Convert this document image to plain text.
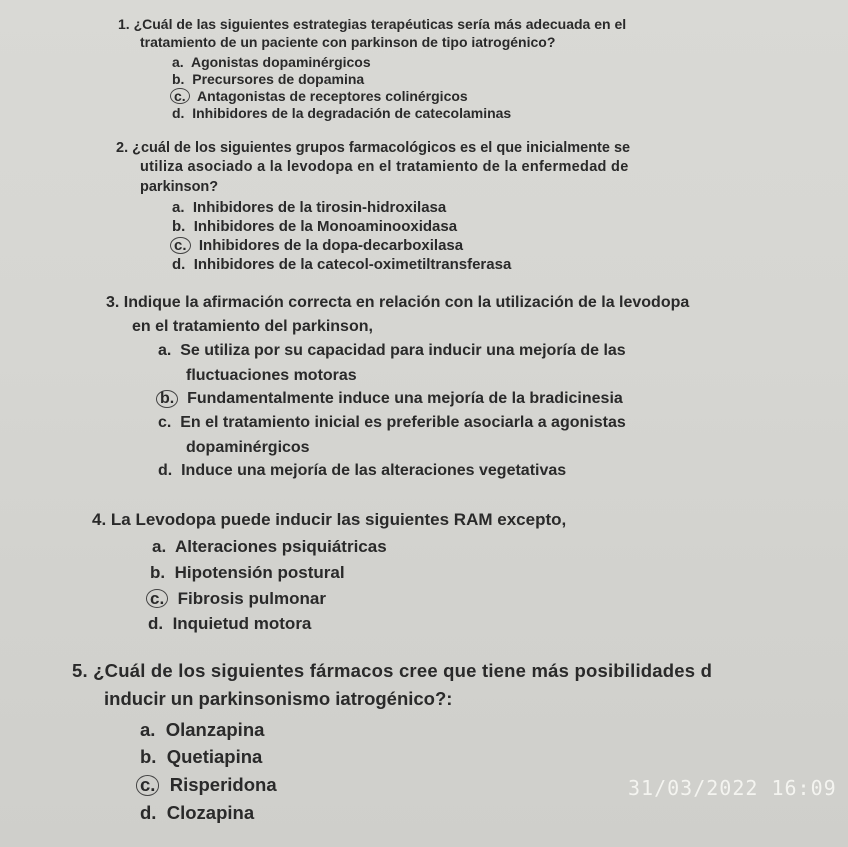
1. ¿Cuál de las siguientes estrategias terapéuticas sería más adecuada en el
tratamiento de un paciente con parkinson de tipo iatrogénico?
a. Agonistas dopaminérgicos
b. Precursores de dopamina
c. Antagonistas de receptores colinérgicos
d. Inhibidores de la degradación de catecolaminas
2. ¿cuál de los siguientes grupos farmacológicos es el que inicialmente se
utiliza asociado a la levodopa en el tratamiento de la enfermedad de
parkinson?
a. Inhibidores de la tirosin-hidroxilasa
b. Inhibidores de la Monoaminooxidasa
c. Inhibidores de la dopa-decarboxilasa
d. Inhibidores de la catecol-oximetiltransferasa
3. Indique la afirmación correcta en relación con la utilización de la levodopa
en el tratamiento del parkinson,
a. Se utiliza por su capacidad para inducir una mejoría de las
fluctuaciones motoras
b. Fundamentalmente induce una mejoría de la bradicinesia
c. En el tratamiento inicial es preferible asociarla a agonistas
dopaminérgicos
d. Induce una mejoría de las alteraciones vegetativas
4. La Levodopa puede inducir las siguientes RAM excepto,
a. Alteraciones psiquiátricas
b. Hipotensión postural
c. Fibrosis pulmonar
d. Inquietud motora
5. ¿Cuál de los siguientes fármacos cree que tiene más posibilidades d
inducir un parkinsonismo iatrogénico?:
a. Olanzapina
b. Quetiapina
c. Risperidona
d. Clozapina
31/03/2022 16:09
